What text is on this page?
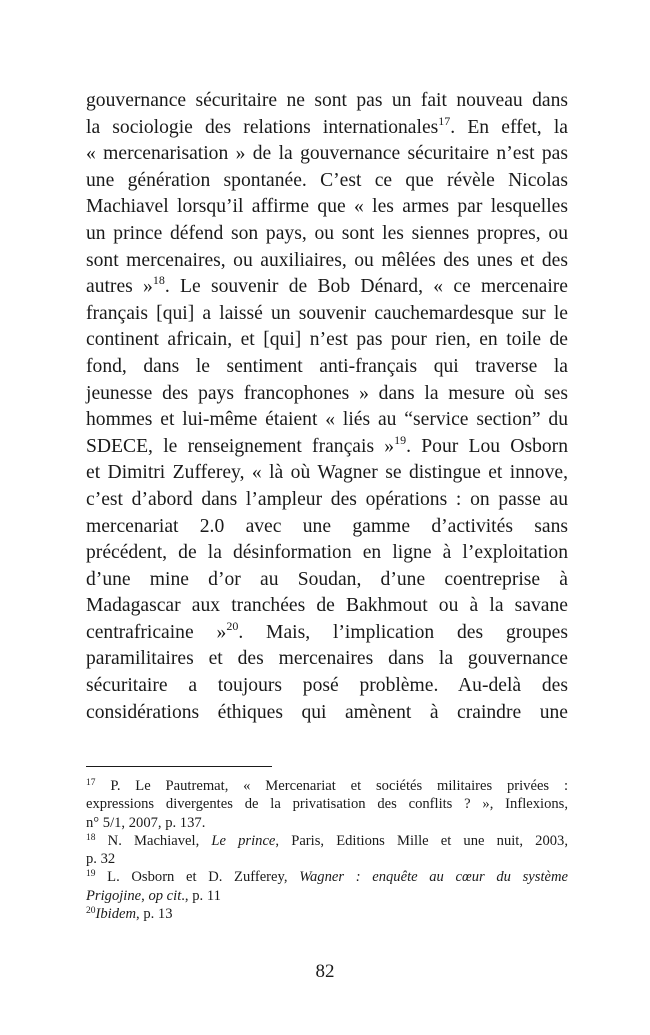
gouvernance sécuritaire ne sont pas un fait nouveau dans
la sociologie des relations internationales$^{17}$. En effet, la
« mercenarisation » de la gouvernance sécuritaire n’est pas
une génération spontanée. C’est ce que révèle Nicolas
Machiavel lorsqu’il affirme que « les armes par lesquelles
un prince défend son pays, ou sont les siennes propres, ou
sont mercenaires, ou auxiliaires, ou mêlées des unes et des
autres »$^{18}$. Le souvenir de Bob Dénard, « ce mercenaire
français [qui] a laissé un souvenir cauchemardesque sur le
continent africain, et [qui] n’est pas pour rien, en toile de
fond, dans le sentiment anti-français qui traverse la
jeunesse des pays francophones » dans la mesure où ses
hommes et lui-même étaient « liés au “service section” du
SDECE, le renseignement français »$^{19}$. Pour Lou Osborn
et Dimitri Zufferey, « là où Wagner se distingue et innove,
c’est d’abord dans l’ampleur des opérations : on passe au
mercenariat 2.0 avec une gamme d’activités sans
précédent, de la désinformation en ligne à l’exploitation
d’une mine d’or au Soudan, d’une coentreprise à
Madagascar aux tranchées de Bakhmout ou à la savane
centrafricaine »$^{20}$. Mais, l’implication des groupes
paramilitaires et des mercenaires dans la gouvernance
sécuritaire a toujours posé problème. Au-delà des
considérations éthiques qui amènent à craindre une
$^{17}$ P. Le Pautremat, « Mercenariat et sociétés militaires privées :
expressions divergentes de la privatisation des conflits ? », Inflexions,
n° 5/1, 2007, p. 137.
$^{18}$ N. Machiavel, Le prince, Paris, Editions Mille et une nuit, 2003,
p. 32
$^{19}$ L. Osborn et D. Zufferey, Wagner : enquête au cœur du système
Prigojine, op cit., p. 11
$^{20}$Ibidem, p. 13
82
